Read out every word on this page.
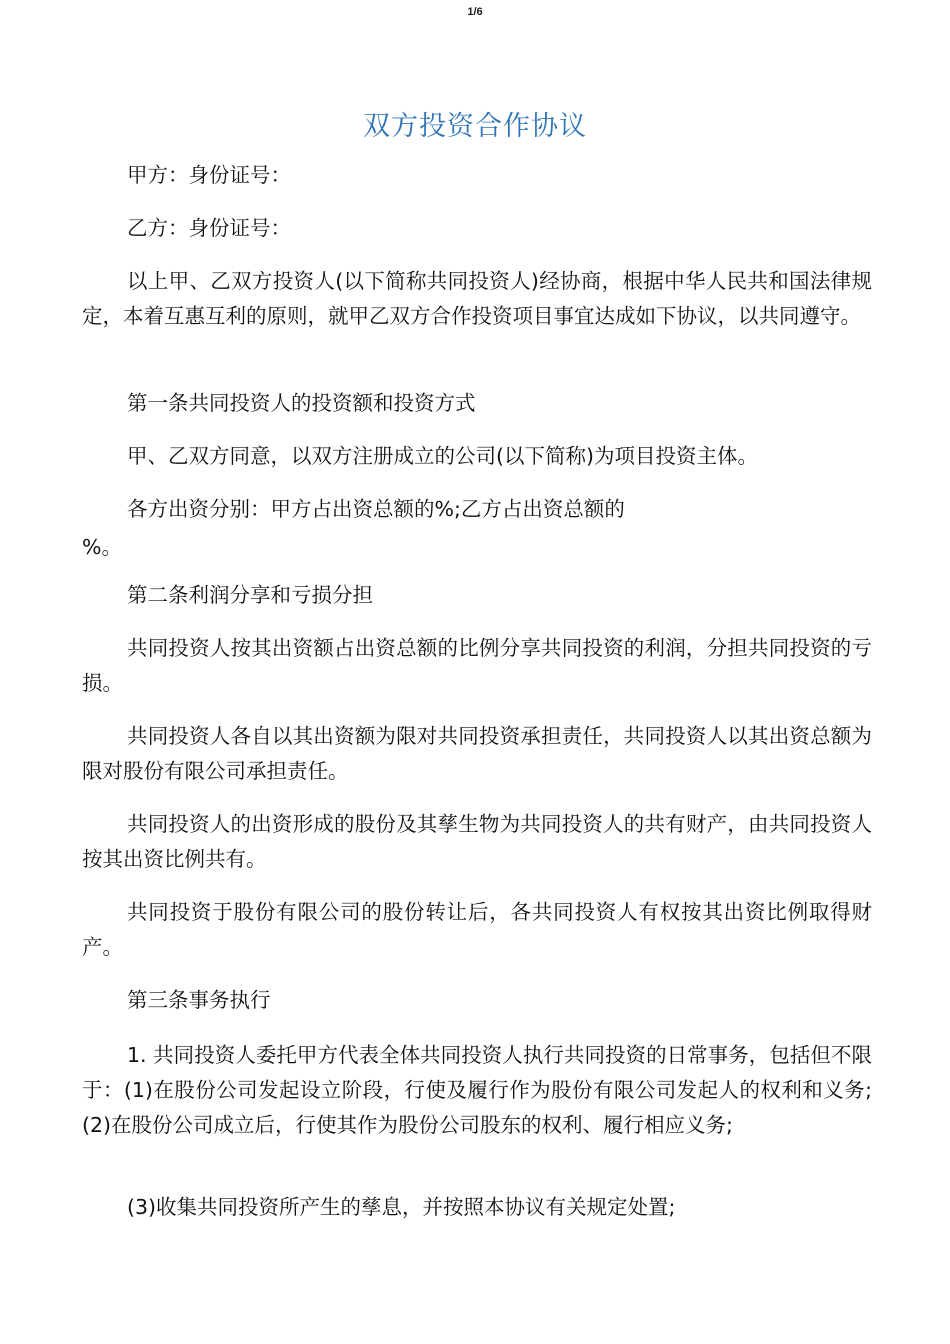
1/6
双方投资合作协议

甲方：身份证号：

乙方：身份证号：

以上甲、乙双方投资人(以下简称共同投资人)经协商，根据中华人民共和国法律规定，本着互惠互利的原则，就甲乙双方合作投资项目事宜达成如下协议，以共同遵守。

第一条共同投资人的投资额和投资方式

甲、乙双方同意，以双方注册成立的公司(以下简称)为项目投资主体。

各方出资分别：甲方占出资总额的%;乙方占出资总额的

%。

第二条利润分享和亏损分担

共同投资人按其出资额占出资总额的比例分享共同投资的利润，分担共同投资的亏损。

共同投资人各自以其出资额为限对共同投资承担责任，共同投资人以其出资总额为限对股份有限公司承担责任。

共同投资人的出资形成的股份及其孳生物为共同投资人的共有财产，由共同投资人按其出资比例共有。

共同投资于股份有限公司的股份转让后，各共同投资人有权按其出资比例取得财产。

第三条事务执行

1. 共同投资人委托甲方代表全体共同投资人执行共同投资的日常事务，包括但不限于：(1)在股份公司发起设立阶段，行使及履行作为股份有限公司发起人的权利和义务;(2)在股份公司成立后，行使其作为股份公司股东的权利、履行相应义务;

(3)收集共同投资所产生的孳息，并按照本协议有关规定处置;
